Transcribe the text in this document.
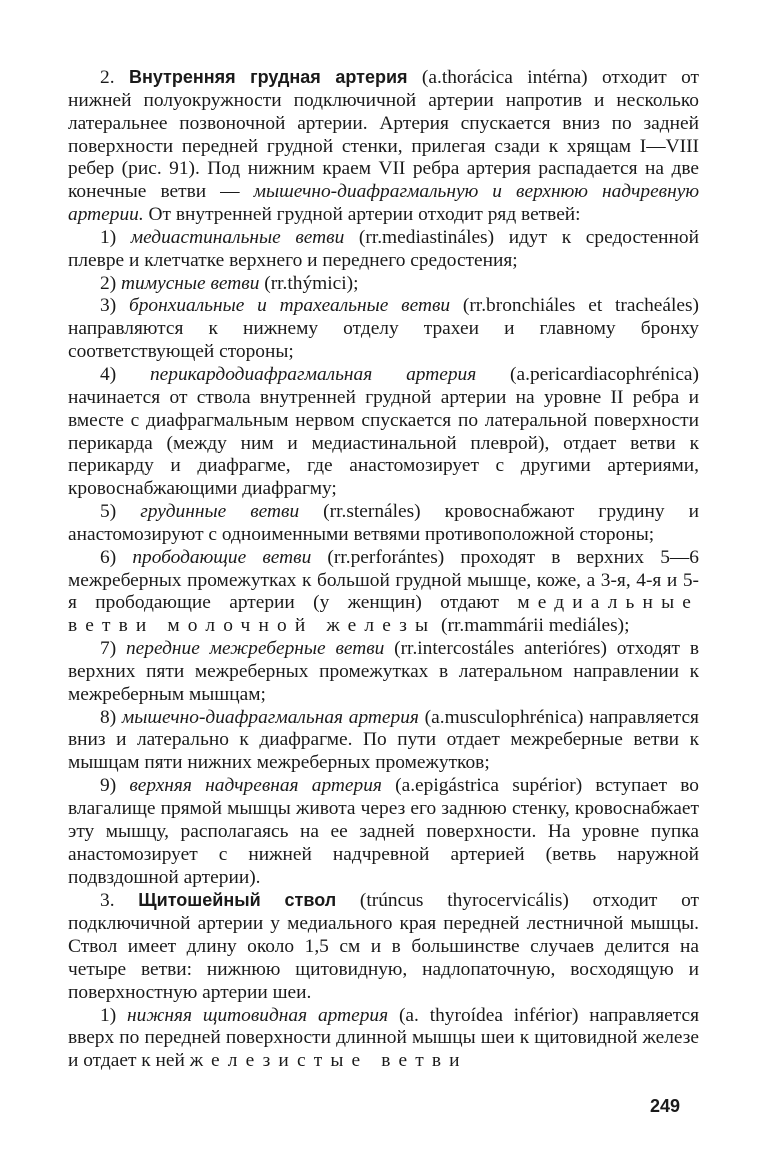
2. Внутренняя грудная артерия (a.thorácica intérna) отходит от нижней полуокружности подключичной артерии напротив и несколько латеральнее позвоночной артерии. Артерия спускается вниз по задней поверхности передней грудной стенки, прилегая сзади к хрящам I—VIII ребер (рис. 91). Под нижним краем VII ребра артерия распадается на две конечные ветви — мышечно-диафрагмальную и верхнюю надчревную артерии. От внутренней грудной артерии отходит ряд ветвей:

1) медиастинальные ветви (rr.mediastináles) идут к средостенной плевре и клетчатке верхнего и переднего средостения;

2) тимусные ветви (rr.thýmici);

3) бронхиальные и трахеальные ветви (rr.bronchiáles et tracheáles) направляются к нижнему отделу трахеи и главному бронху соответствующей стороны;

4) перикардодиафрагмальная артерия (a.pericardiacophrénica) начинается от ствола внутренней грудной артерии на уровне II ребра и вместе с диафрагмальным нервом спускается по латеральной поверхности перикарда (между ним и медиастинальной плеврой), отдает ветви к перикарду и диафрагме, где анастомозирует с другими артериями, кровоснабжающими диафрагму;

5) грудинные ветви (rr.sternáles) кровоснабжают грудину и анастомозируют с одноименными ветвями противоположной стороны;

6) прободающие ветви (rr.perforántes) проходят в верхних 5—6 межреберных промежутках к большой грудной мышце, коже, а 3-я, 4-я и 5-я прободающие артерии (у женщин) отдают медиальные ветви молочной железы (rr.mammárii mediáles);

7) передние межреберные ветви (rr.intercostáles anterióres) отходят в верхних пяти межреберных промежутках в латеральном направлении к межреберным мышцам;

8) мышечно-диафрагмальная артерия (a.musculophrénica) направляется вниз и латерально к диафрагме. По пути отдает межреберные ветви к мышцам пяти нижних межреберных промежутков;

9) верхняя надчревная артерия (a.epigástrica supérior) вступает во влагалище прямой мышцы живота через его заднюю стенку, кровоснабжает эту мышцу, располагаясь на ее задней поверхности. На уровне пупка анастомозирует с нижней надчревной артерией (ветвь наружной подвздошной артерии).

3. Щитошейный ствол (trúncus thyrocervicális) отходит от подключичной артерии у медиального края передней лестничной мышцы. Ствол имеет длину около 1,5 см и в большинстве случаев делится на четыре ветви: нижнюю щитовидную, надлопаточную, восходящую и поверхностную артерии шеи.

1) нижняя щитовидная артерия (a. thyroídea inférior) направляется вверх по передней поверхности длинной мышцы шеи к щитовидной железе и отдает к ней железистые ветви

249
